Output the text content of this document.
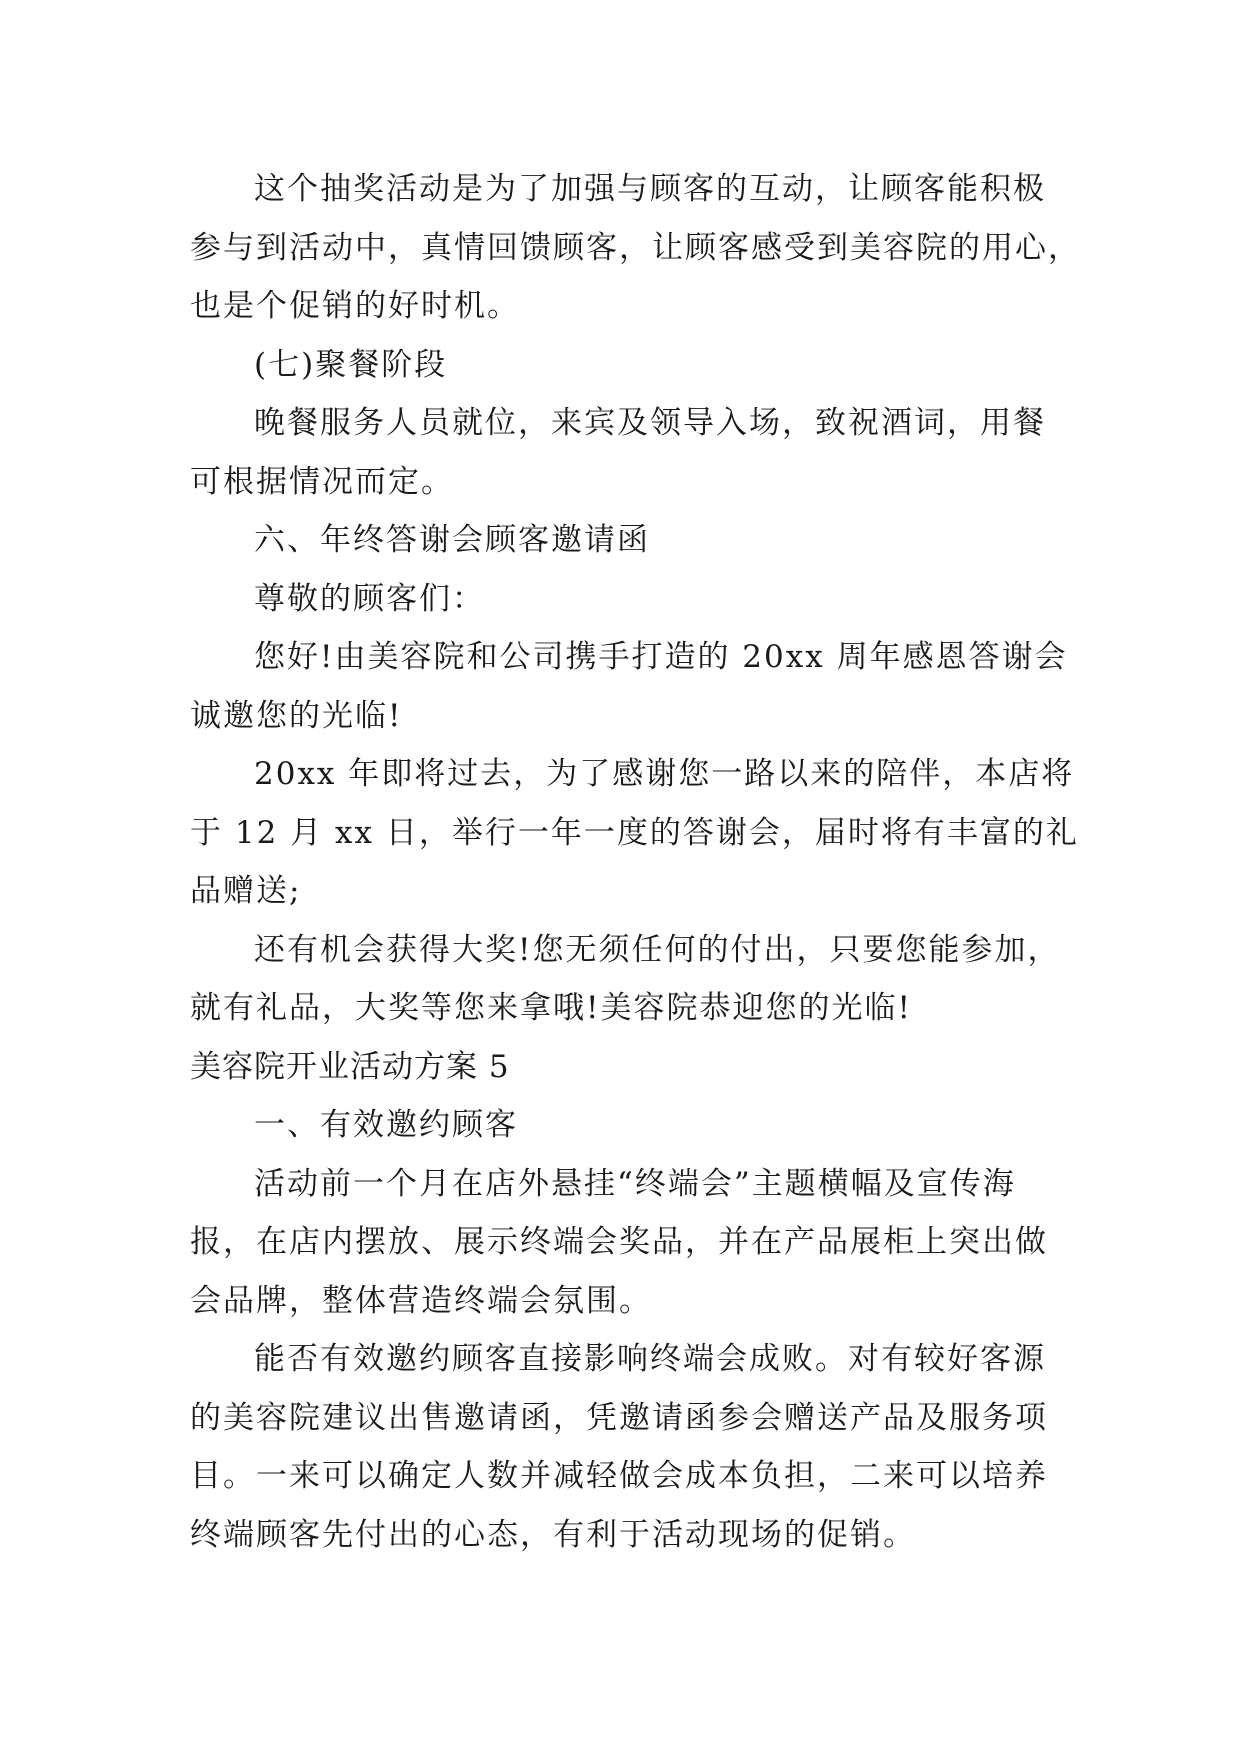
这个抽奖活动是为了加强与顾客的互动，让顾客能积极
参与到活动中，真情回馈顾客，让顾客感受到美容院的用心，
也是个促销的好时机。
(七)聚餐阶段
晚餐服务人员就位，来宾及领导入场，致祝酒词，用餐
可根据情况而定。
六、年终答谢会顾客邀请函
尊敬的顾客们：
您好!由美容院和公司携手打造的 20xx 周年感恩答谢会
诚邀您的光临!
20xx 年即将过去，为了感谢您一路以来的陪伴，本店将
于 12 月 xx 日，举行一年一度的答谢会，届时将有丰富的礼
品赠送;
还有机会获得大奖!您无须任何的付出，只要您能参加，
就有礼品，大奖等您来拿哦!美容院恭迎您的光临!
美容院开业活动方案 5
一、有效邀约顾客
活动前一个月在店外悬挂“终端会”主题横幅及宣传海
报，在店内摆放、展示终端会奖品，并在产品展柜上突出做
会品牌，整体营造终端会氛围。
能否有效邀约顾客直接影响终端会成败。对有较好客源
的美容院建议出售邀请函，凭邀请函参会赠送产品及服务项
目。一来可以确定人数并减轻做会成本负担，二来可以培养
终端顾客先付出的心态，有利于活动现场的促销。
